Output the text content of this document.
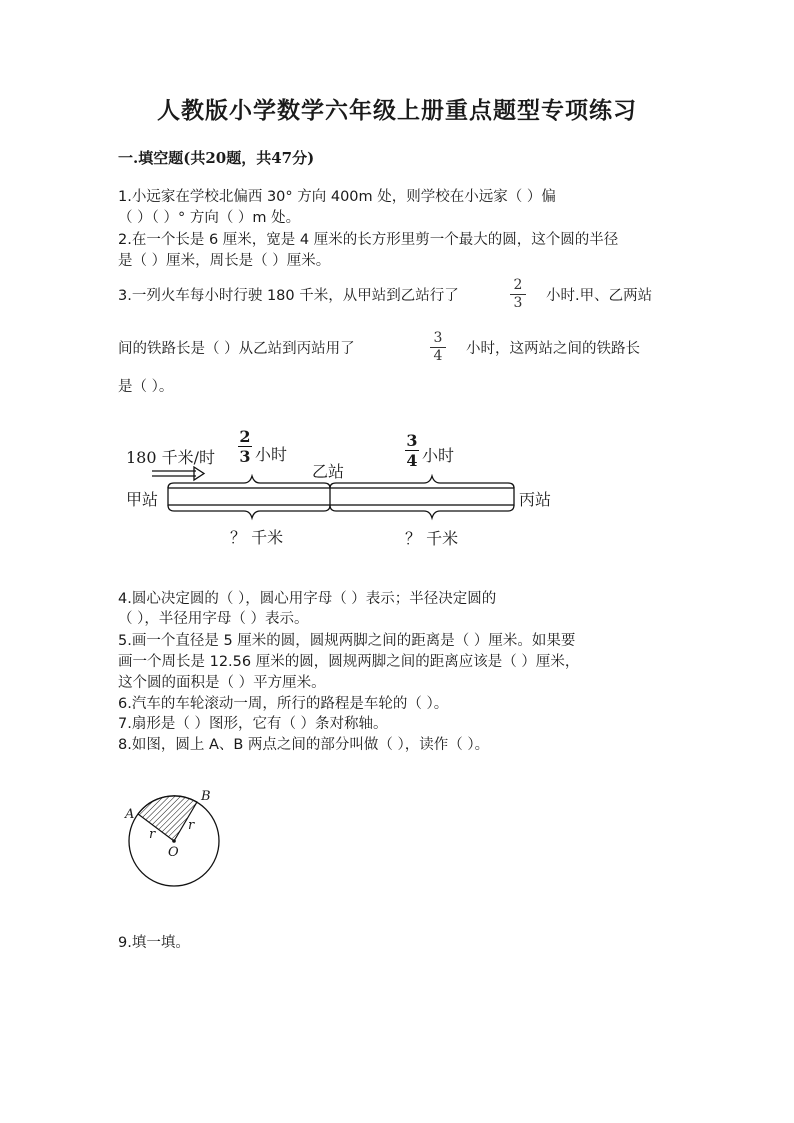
人教版小学数学六年级上册重点题型专项练习
一.填空题(共20题，共47分)
1.小远家在学校北偏西 30° 方向 400m 处，则学校在小远家（ ）偏
（ ）（ ）° 方向（ ）m 处。
2.在一个长是 6 厘米，宽是 4 厘米的长方形里剪一个最大的圆，这个圆的半径
是（ ）厘米，周长是（ ）厘米。
3.一列火车每小时行驶 180 千米，从甲站到乙站行了
2
3 小时.甲、乙两站
间的铁路长是（ ）从乙站到丙站用了
3
4 小时，这两站之间的铁路长
是（ ）。
180 千米/时
2
3 小时
3
4 小时
乙站
甲站	丙站
？ 千米	？ 千米
4.圆心决定圆的（ ），圆心用字母（ ）表示；半径决定圆的
（ ），半径用字母（ ）表示。
5.画一个直径是 5 厘米的圆，圆规两脚之间的距离是（ ）厘米。如果要
画一个周长是 12.56 厘米的圆，圆规两脚之间的距离应该是（ ）厘米，
这个圆的面积是（ ）平方厘米。
6.汽车的车轮滚动一周，所行的路程是车轮的（ ）。
7.扇形是（ ）图形，它有（ ）条对称轴。
8.如图，圆上 A、B 两点之间的部分叫做（ ），读作（ ）。
A
B
O
r
r
9.填一填。
